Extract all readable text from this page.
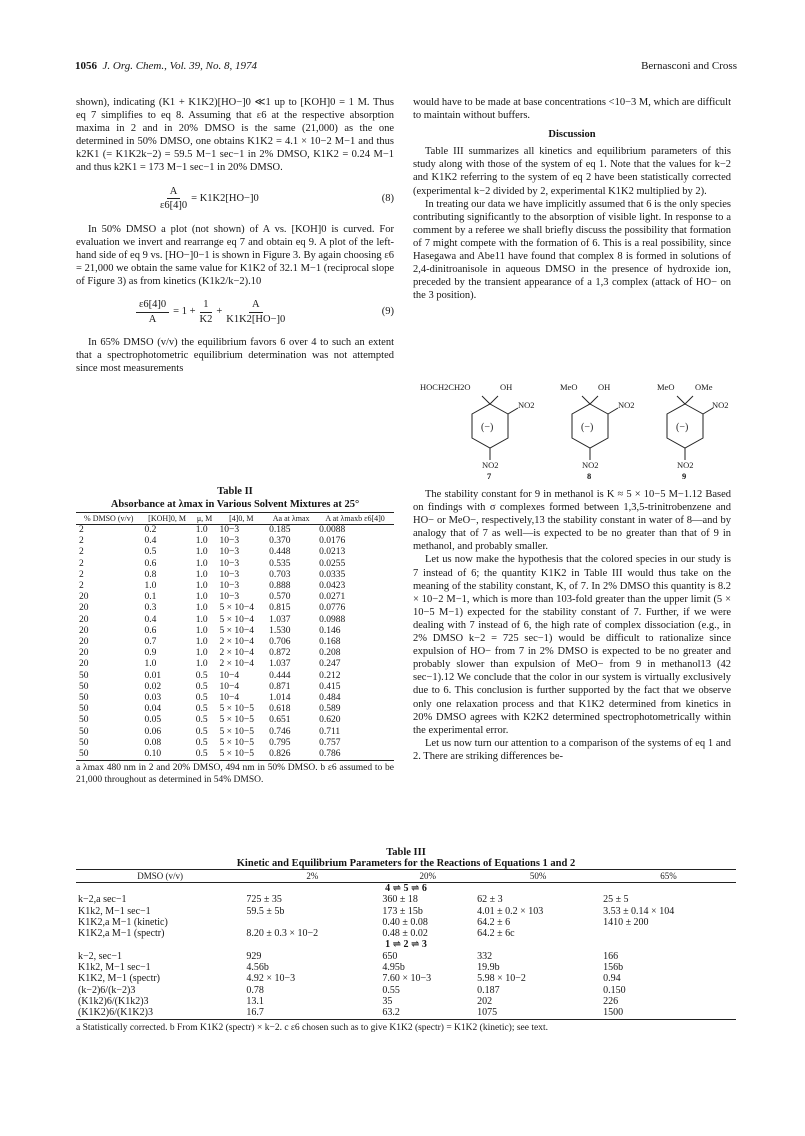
1056 J. Org. Chem., Vol. 39, No. 8, 1974	Bernasconi and Cross

shown), indicating (K1 + K1K2)[HO−]0 ≪1 up to [KOH]0 = 1 M. Thus eq 7 simplifies to eq 8. Assuming that ε6 at the respective absorption maxima in 2 and in 20% DMSO is the same (21,000) as the one determined in 50% DMSO, one obtains K1K2 = 4.1 × 10−2 M−1 and thus k2K1 (= K1K2k−2) = 59.5 M−1 sec−1 in 2% DMSO, K1K2 = 0.24 M−1 and thus k2K1 = 173 M−1 sec−1 in 20% DMSO.

$\frac{A}{\varepsilon 6[4]0} = K1K2[HO-]0$	(8)

In 50% DMSO a plot (not shown) of A vs. [KOH]0 is curved. For evaluation we invert and rearrange eq 7 and obtain eq 9. A plot of the left-hand side of eq 9 vs. [HO−]0−1 is shown in Figure 3. By again choosing ε6 = 21,000 we obtain the same value for K1K2 of 32.1 M−1 (reciprocal slope of Figure 3) as from kinetics (K1k2/k−2).10

$\frac{\varepsilon 6[4]0}{A} = 1 + \frac{1}{K2} + \frac{A}{K1K2[HO-]0}$	(9)

In 65% DMSO (v/v) the equilibrium favors 6 over 4 to such an extent that a spectrophotometric equilibrium determination was not attempted since most measurements

Table II
Absorbance at λmax in Various Solvent Mixtures at 25°
% DMSO (v/v)	[KOH]0, M	μ, M	[4]0, M	Aa at λmax	A at λmaxb ε6[4]0
2	0.2	1.0	10−3	0.185	0.0088
2	0.4	1.0	10−3	0.370	0.0176
2	0.5	1.0	10−3	0.448	0.0213
2	0.6	1.0	10−3	0.535	0.0255
2	0.8	1.0	10−3	0.703	0.0335
2	1.0	1.0	10−3	0.888	0.0423
20	0.1	1.0	10−3	0.570	0.0271
20	0.3	1.0	5 × 10−4	0.815	0.0776
20	0.4	1.0	5 × 10−4	1.037	0.0988
20	0.6	1.0	5 × 10−4	1.530	0.146
20	0.7	1.0	2 × 10−4	0.706	0.168
20	0.9	1.0	2 × 10−4	0.872	0.208
20	1.0	1.0	2 × 10−4	1.037	0.247
50	0.01	0.5	10−4	0.444	0.212
50	0.02	0.5	10−4	0.871	0.415
50	0.03	0.5	10−4	1.014	0.484
50	0.04	0.5	5 × 10−5	0.618	0.589
50	0.05	0.5	5 × 10−5	0.651	0.620
50	0.06	0.5	5 × 10−5	0.746	0.711
50	0.08	0.5	5 × 10−5	0.795	0.757
50	0.10	0.5	5 × 10−5	0.826	0.786
a λmax 480 nm in 2 and 20% DMSO, 494 nm in 50% DMSO. b ε6 assumed to be 21,000 throughout as determined in 54% DMSO.

would have to be made at base concentrations <10−3 M, which are difficult to maintain without buffers.

Discussion

Table III summarizes all kinetics and equilibrium parameters of this study along with those of the system of eq 1. Note that the values for k−2 and K1K2 referring to the system of eq 2 have been statistically corrected (experimental k−2 divided by 2, experimental K1K2 multiplied by 2).

In treating our data we have implicitly assumed that 6 is the only species contributing significantly to the absorption of visible light. In response to a comment by a referee we shall briefly discuss the possibility that formation of 7 might compete with the formation of 6. This is a real possibility, since Hasegawa and Abe11 have found that complex 8 is formed in solutions of 2,4-dinitroanisole in aqueous DMSO in the presence of hydroxide ion, preceded by the transient appearance of a 1,3 complex (attack of HO− on the 3 position).

(−)	(−)	(−)
HOCH2CH2O	OH	MeO OH	MeO OMe
NO2	NO2	NO2
NO2	NO2	NO2
7	8	9

The stability constant for 9 in methanol is K ≈ 5 × 10−5 M−1.12 Based on findings with σ complexes formed between 1,3,5-trinitrobenzene and HO− or MeO−, respectively,13 the stability constant in water of 8—and by analogy that of 7 as well—is expected to be no greater than that of 9 in methanol, and probably smaller.

Let us now make the hypothesis that the colored species in our study is 7 instead of 6; the quantity K1K2 in Table III would thus take on the meaning of the stability constant, K, of 7. In 2% DMSO this quantity is 8.2 × 10−2 M−1, which is more than 103-fold greater than the upper limit (5 × 10−5 M−1) expected for the stability constant of 7. Further, if we were dealing with 7 instead of 6, the high rate of complex dissociation (e.g., in 2% DMSO k−2 = 725 sec−1) would be difficult to rationalize since expulsion of HO− from 7 in 2% DMSO is expected to be no greater and probably slower than expulsion of MeO− from 9 in methanol13 (42 sec−1).12 We conclude that the color in our system is virtually exclusively due to 6. This conclusion is further supported by the fact that we observe only one relaxation process and that K1K2 determined from kinetics in 20% DMSO agrees with K2K2 determined spectrophotometrically within the experimental error.

Let us now turn our attention to a comparison of the systems of eq 1 and 2. There are striking differences be-

Table III
Kinetic and Equilibrium Parameters for the Reactions of Equations 1 and 2
DMSO (v/v)	2%	20%	50%	65%
4 ⇌ 5 ⇌ 6				
k−2,a sec−1	725 ± 35	360 ± 18	62 ± 3	25 ± 5
K1k2, M−1 sec−1	59.5 ± 5b	173 ± 15b	4.01 ± 0.2 × 103	3.53 ± 0.14 × 104
K1K2,a M−1 (kinetic)		0.40 ± 0.08	64.2 ± 6	1410 ± 200
K1K2,a M−1 (spectr)	8.20 ± 0.3 × 10−2	0.48 ± 0.02	64.2 ± 6c	
1 ⇌ 2 ⇌ 3				
k−2, sec−1	929	650	332	166
K1k2, M−1 sec−1	4.56b	4.95b	19.9b	156b
K1K2, M−1 (spectr)	4.92 × 10−3	7.60 × 10−3	5.98 × 10−2	0.94
(k−2)6/(k−2)3	0.78	0.55	0.187	0.150
(K1k2)6/(K1k2)3	13.1	35	202	226
(K1K2)6/(K1K2)3	16.7	63.2	1075	1500
a Statistically corrected. b From K1K2 (spectr) × k−2. c ε6 chosen such as to give K1K2 (spectr) = K1K2 (kinetic); see text.
